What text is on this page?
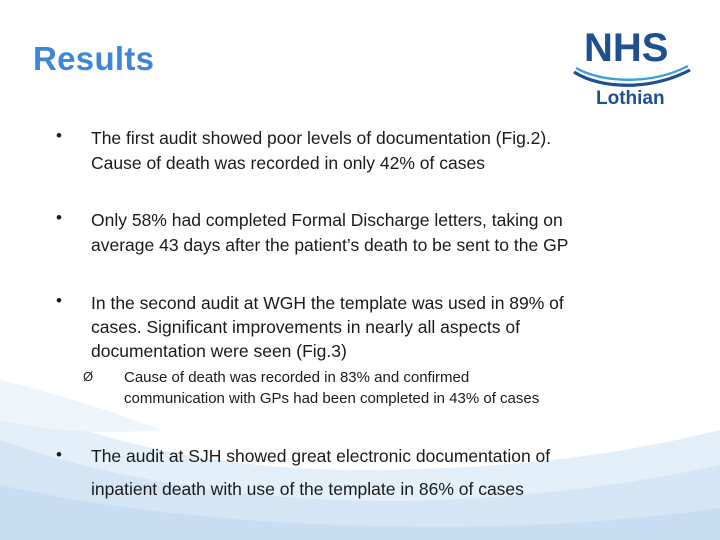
Results	NHS
Lothian
• The first audit showed poor levels of documentation (Fig.2).
Cause of death was recorded in only 42% of cases
• Only 58% had completed Formal Discharge letters, taking on
average 43 days after the patient’s death to be sent to the GP
• In the second audit at WGH the template was used in 89% of
cases. Significant improvements in nearly all aspects of
documentation were seen (Fig.3)
Ø Cause of death was recorded in 83% and confirmed
communication with GPs had been completed in 43% of cases
• The audit at SJH showed great electronic documentation of
inpatient death with use of the template in 86% of cases
